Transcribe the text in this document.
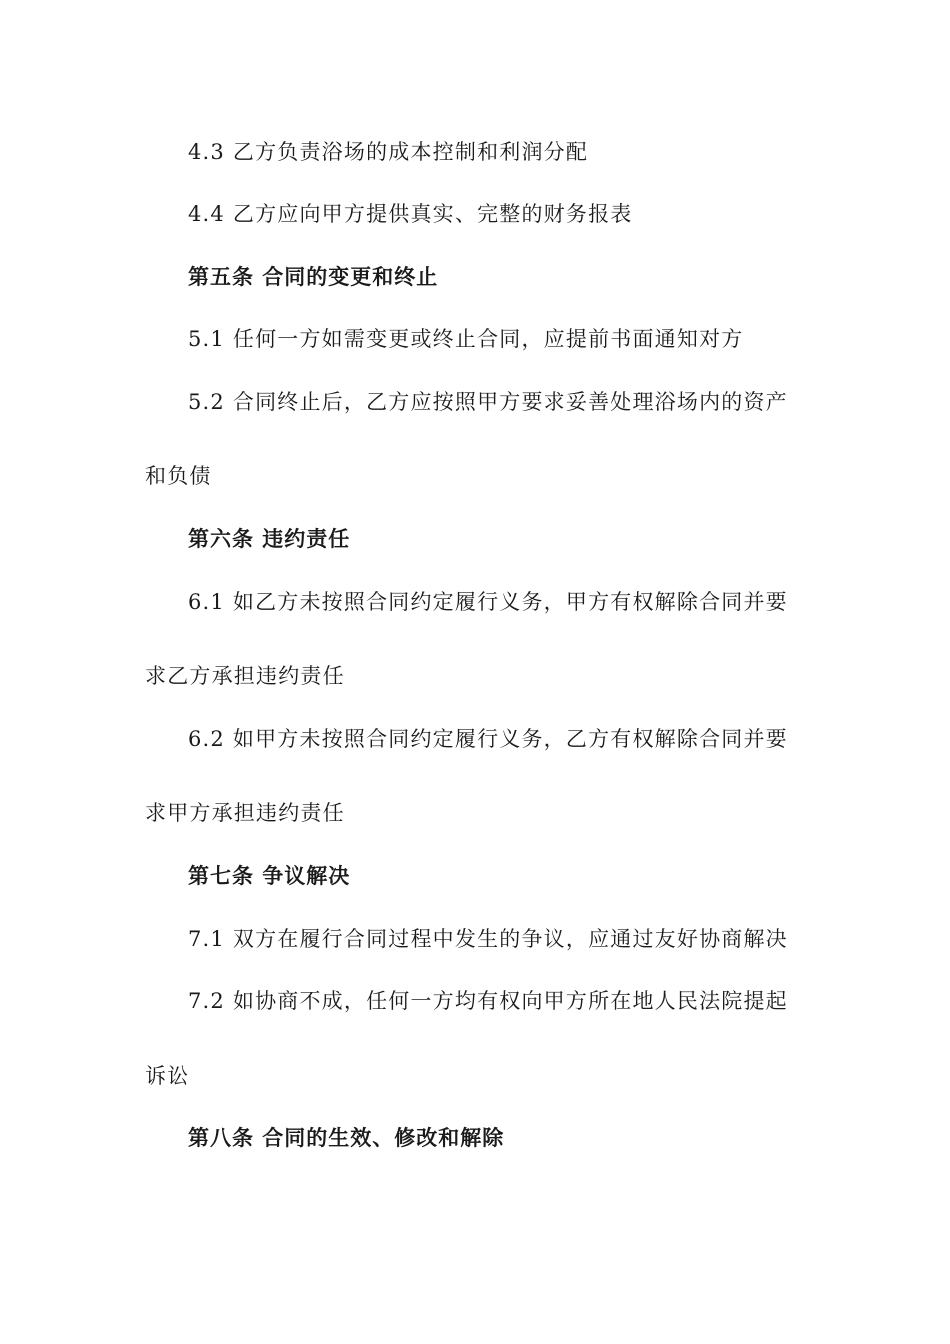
4.3 乙方负责浴场的成本控制和利润分配
4.4 乙方应向甲方提供真实、完整的财务报表
第五条 合同的变更和终止
5.1 任何一方如需变更或终止合同，应提前书面通知对方
5.2 合同终止后，乙方应按照甲方要求妥善处理浴场内的资产
和负债
第六条 违约责任
6.1 如乙方未按照合同约定履行义务，甲方有权解除合同并要
求乙方承担违约责任
6.2 如甲方未按照合同约定履行义务，乙方有权解除合同并要
求甲方承担违约责任
第七条 争议解决
7.1 双方在履行合同过程中发生的争议，应通过友好协商解决
7.2 如协商不成，任何一方均有权向甲方所在地人民法院提起
诉讼
第八条 合同的生效、修改和解除
